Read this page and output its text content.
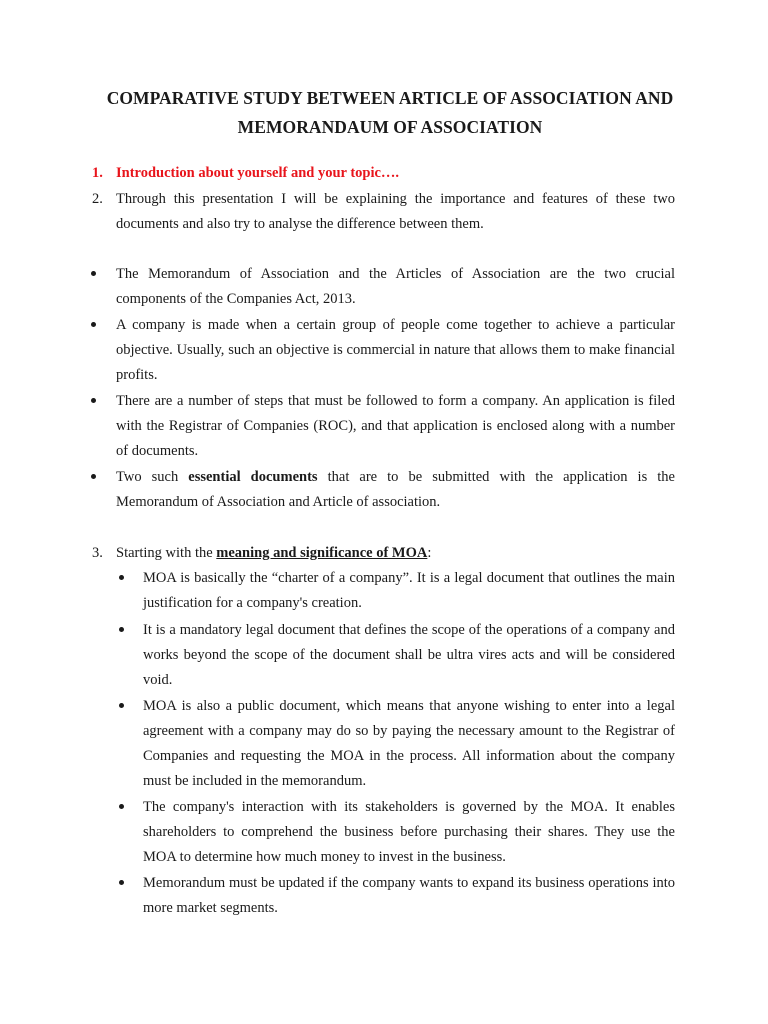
COMPARATIVE STUDY BETWEEN ARTICLE OF ASSOCIATION AND
MEMORANDAUM OF ASSOCIATION
1. Introduction about yourself and your topic….
2. Through this presentation I will be explaining the importance and features of these two documents and also try to analyse the difference between them.
The Memorandum of Association and the Articles of Association are the two crucial components of the Companies Act, 2013.
A company is made when a certain group of people come together to achieve a particular objective. Usually, such an objective is commercial in nature that allows them to make financial profits.
There are a number of steps that must be followed to form a company. An application is filed with the Registrar of Companies (ROC), and that application is enclosed along with a number of documents.
Two such essential documents that are to be submitted with the application is the Memorandum of Association and Article of association.
3. Starting with the meaning and significance of MOA:
MOA is basically the “charter of a company”. It is a legal document that outlines the main justification for a company's creation.
It is a mandatory legal document that defines the scope of the operations of a company and works beyond the scope of the document shall be ultra vires acts and will be considered void.
MOA is also a public document, which means that anyone wishing to enter into a legal agreement with a company may do so by paying the necessary amount to the Registrar of Companies and requesting the MOA in the process. All information about the company must be included in the memorandum.
The company's interaction with its stakeholders is governed by the MOA. It enables shareholders to comprehend the business before purchasing their shares. They use the MOA to determine how much money to invest in the business.
Memorandum must be updated if the company wants to expand its business operations into more market segments.
